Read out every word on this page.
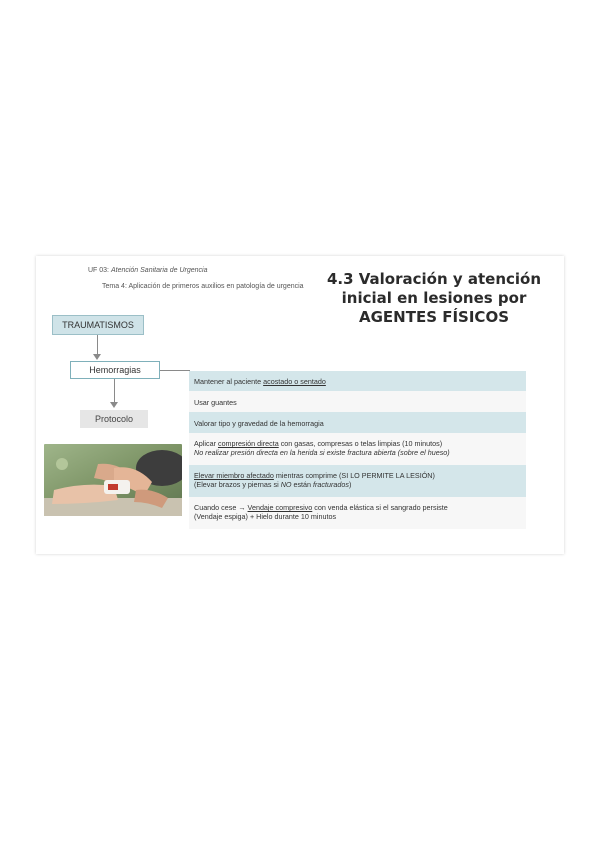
UF 03: Atención Sanitaria de Urgencia
Tema 4: Aplicación de primeros auxilios en patología de urgencia 4.3 Valoración y atención
inicial en lesiones por
AGENTES FÍSICOS
TRAUMATISMOS
Hemorragias
Protocolo
Mantener al paciente acostado o sentado
Usar guantes
Valorar tipo y gravedad de la hemorragia
Aplicar compresión directa con gasas, compresas o telas limpias (10 minutos)
No realizar presión directa en la herida si existe fractura abierta (sobre el hueso)
Elevar miembro afectado mientras comprime (SI LO PERMITE LA LESIÓN)
(Elevar brazos y piernas si NO están fracturados)
Cuando cese → Vendaje compresivo con venda elástica si el sangrado persiste
(Vendaje espiga) + Hielo durante 10 minutos
